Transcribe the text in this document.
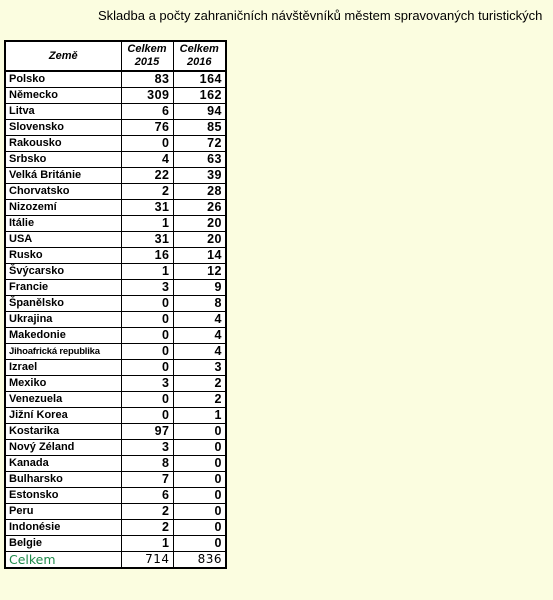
Skladba a počty zahraničních návštěvníků městem spravovaných turistických
Země	Celkem 2015	Celkem 2016

Polsko	83	164
Německo	309	162
Litva	6	94
Slovensko	76	85
Rakousko	0	72
Srbsko	4	63
Velká Británie	22	39
Chorvatsko	2	28
Nizozemí	31	26
Itálie	1	20
USA	31	20
Rusko	16	14
Švýcarsko	1	12
Francie	3	9
Španělsko	0	8
Ukrajina	0	4
Makedonie	0	4
Jihoafrická republika	0	4
Izrael	0	3
Mexiko	3	2
Venezuela	0	2
Jižní Korea	0	1
Kostarika	97	0
Nový Zéland	3	0
Kanada	8	0
Bulharsko	7	0
Estonsko	6	0
Peru	2	0
Indonésie	2	0
Belgie	1	0
Celkem	714	836
